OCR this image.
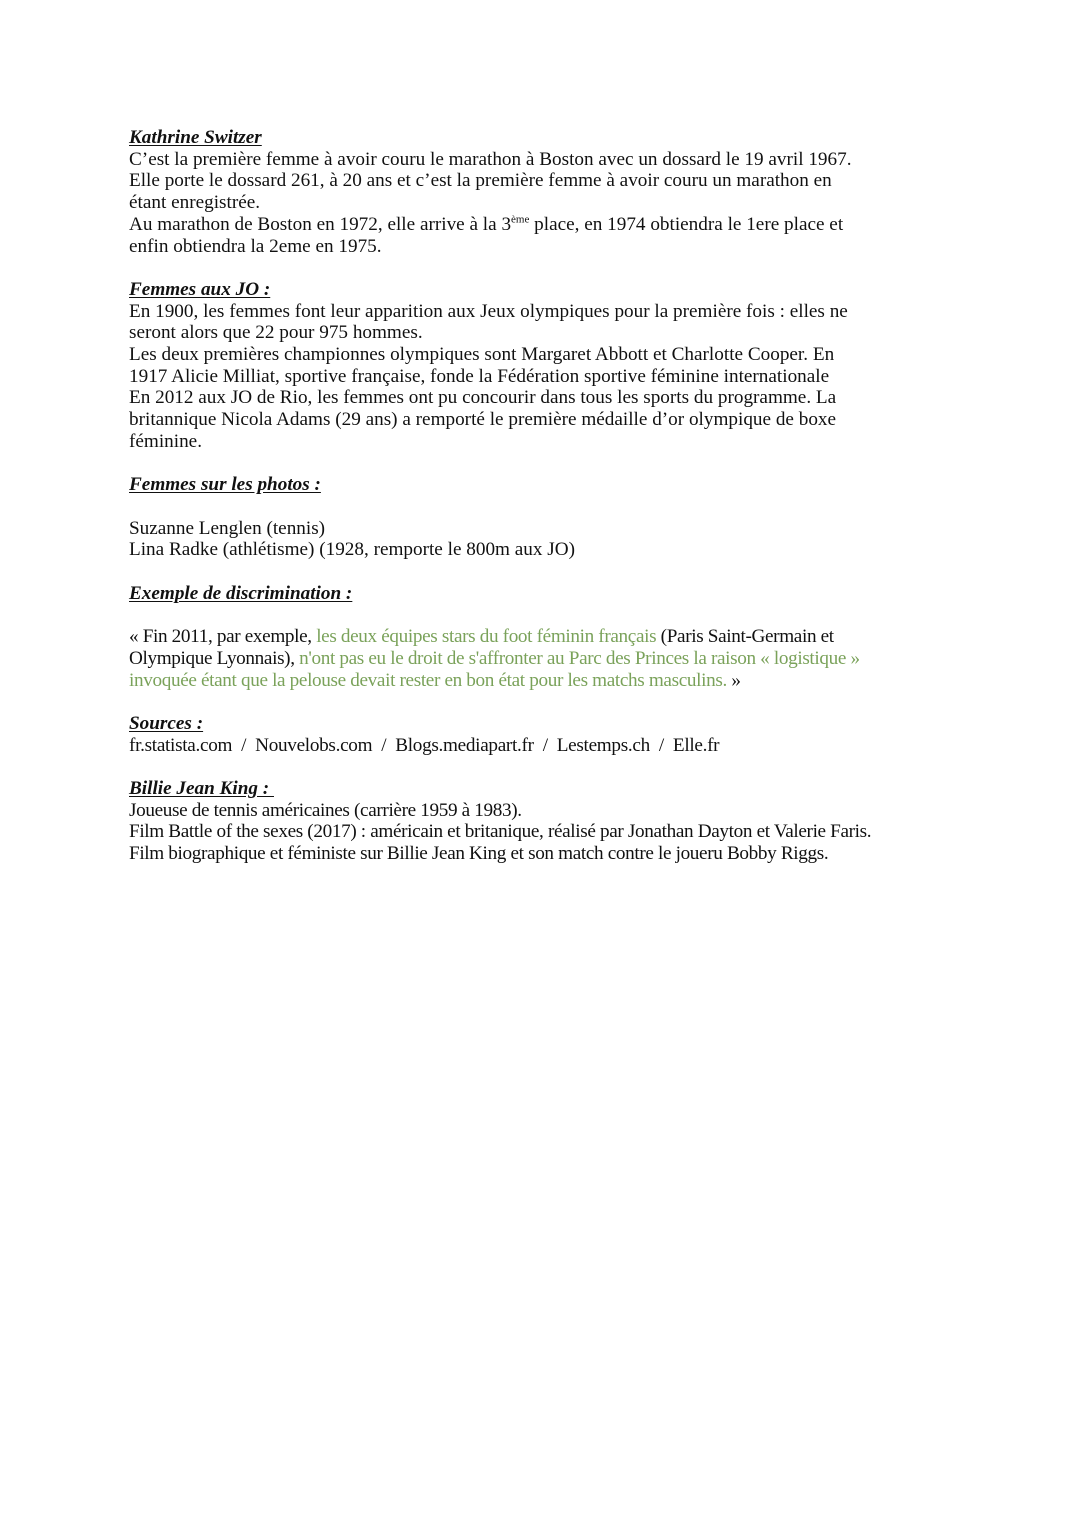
Kathrine Switzer
C’est la première femme à avoir couru le marathon à Boston avec un dossard le 19 avril 1967.
Elle porte le dossard 261, à 20 ans et c’est la première femme à avoir couru un marathon en
étant enregistrée.
Au marathon de Boston en 1972, elle arrive à la 3ème place, en 1974 obtiendra le 1ere place et
enfin obtiendra la 2eme en 1975.
Femmes aux JO :
En 1900, les femmes font leur apparition aux Jeux olympiques pour la première fois : elles ne
seront alors que 22 pour 975 hommes.
Les deux premières championnes olympiques sont Margaret Abbott et Charlotte Cooper. En
1917 Alicie Milliat, sportive française, fonde la Fédération sportive féminine internationale
En 2012 aux JO de Rio, les femmes ont pu concourir dans tous les sports du programme. La
britannique Nicola Adams (29 ans) a remporté le première médaille d’or olympique de boxe
féminine.
Femmes sur les photos :
Suzanne Lenglen (tennis)
Lina Radke (athlétisme) (1928, remporte le 800m aux JO)
Exemple de discrimination :
« Fin 2011, par exemple, les deux équipes stars du foot féminin français (Paris Saint-Germain et
Olympique Lyonnais), n'ont pas eu le droit de s'affronter au Parc des Princes la raison « logistique »
invoquée étant que la pelouse devait rester en bon état pour les matchs masculins. »
Sources :
fr.statista.com  /  Nouvelobs.com  /  Blogs.mediapart.fr  /  Lestemps.ch  /  Elle.fr
Billie Jean King :
Joueuse de tennis américaines (carrière 1959 à 1983).
Film Battle of the sexes (2017) : américain et britanique, réalisé par Jonathan Dayton et Valerie Faris.
Film biographique et féministe sur Billie Jean King et son match contre le joueru Bobby Riggs.
